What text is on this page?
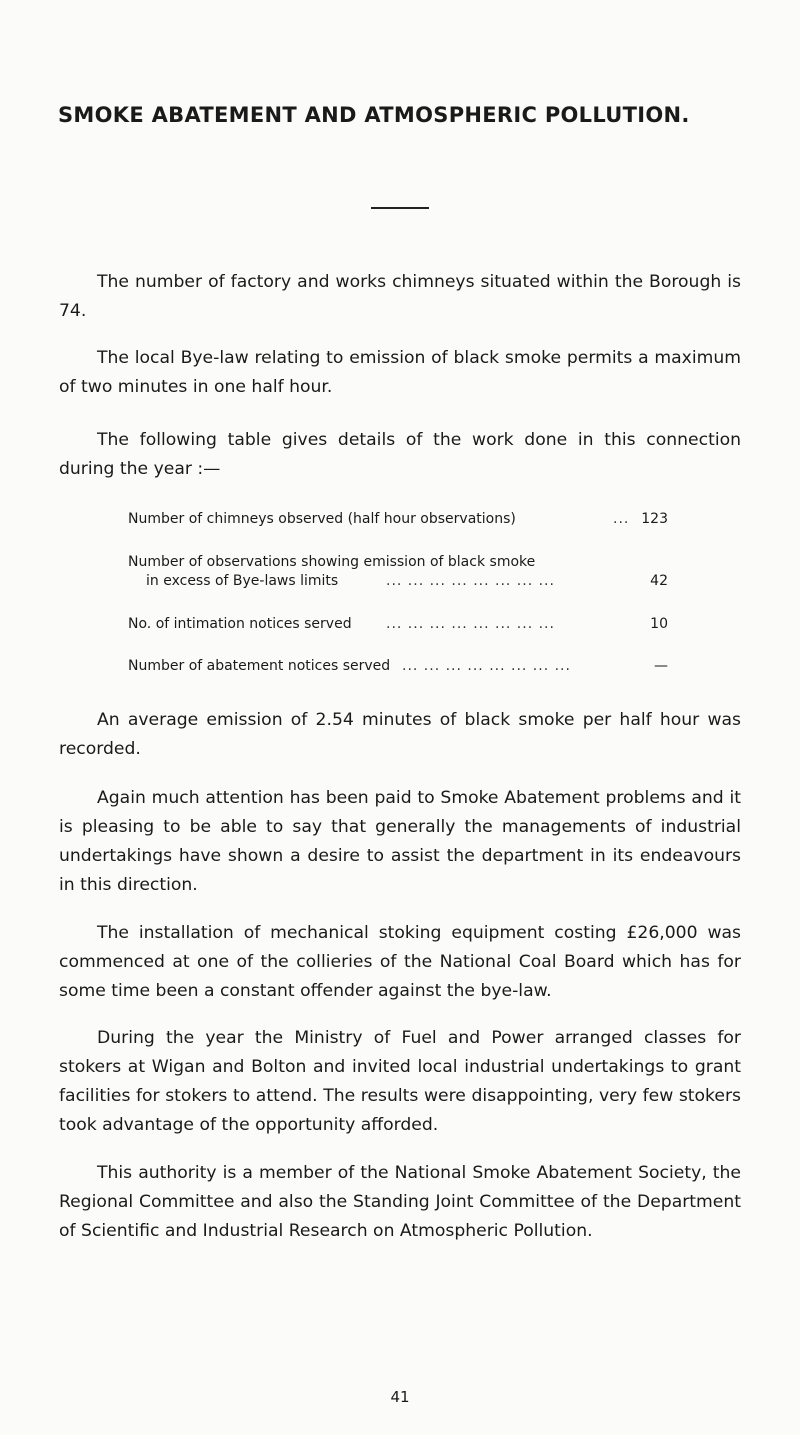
SMOKE ABATEMENT AND ATMOSPHERIC POLLUTION.

The number of factory and works chimneys situated within the Borough is 74.

The local Bye-law relating to emission of black smoke permits a maximum of two minutes in one half hour.

The following table gives details of the work done in this connection during the year :—

Number of chimneys observed (half hour observations)	... 123
Number of observations showing emission of black smoke
in excess of Bye-laws limits	... ... ... ... ... ... ... ...	42
No. of intimation notices served ... ... ... ... ... ... ... ...	10
Number of abatement notices served ... ... ... ... ... ... ... ...	—

An average emission of 2.54 minutes of black smoke per half hour was recorded.

Again much attention has been paid to Smoke Abatement problems and it is pleasing to be able to say that generally the managements of industrial undertakings have shown a desire to assist the department in its endeavours in this direction.

The installation of mechanical stoking equipment costing £26,000 was commenced at one of the collieries of the National Coal Board which has for some time been a constant offender against the bye-law.

During the year the Ministry of Fuel and Power arranged classes for stokers at Wigan and Bolton and invited local industrial undertakings to grant facilities for stokers to attend. The results were disappointing, very few stokers took advantage of the opportunity afforded.

This authority is a member of the National Smoke Abatement Society, the Regional Committee and also the Standing Joint Committee of the Department of Scientific and Industrial Research on Atmospheric Pollution.

41
